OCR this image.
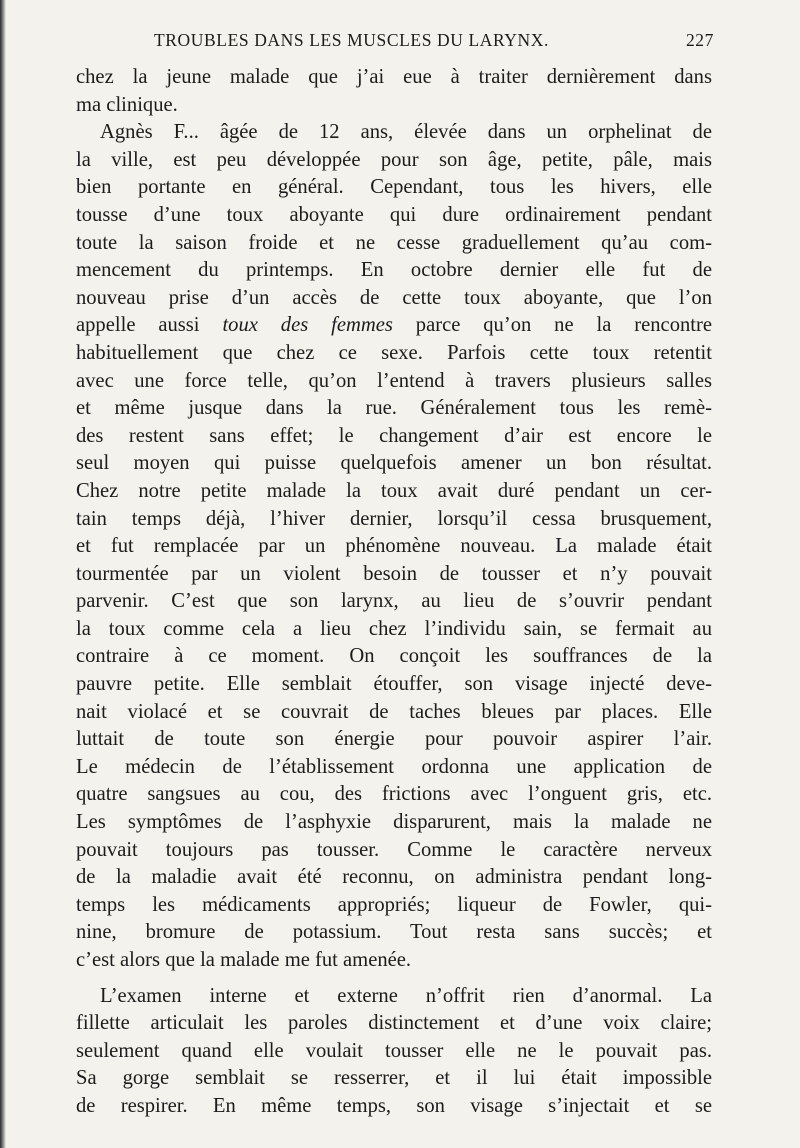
TROUBLES DANS LES MUSCLES DU LARYNX.	227
chez la jeune malade que j’ai eue à traiter dernièrement dans
ma clinique.
Agnès F... âgée de 12 ans, élevée dans un orphelinat de
la ville, est peu développée pour son âge, petite, pâle, mais
bien portante en général. Cependant, tous les hivers, elle
tousse d’une toux aboyante qui dure ordinairement pendant
toute la saison froide et ne cesse graduellement qu’au com-
mencement du printemps. En octobre dernier elle fut de
nouveau prise d’un accès de cette toux aboyante, que l’on
appelle aussi toux des femmes parce qu’on ne la rencontre
habituellement que chez ce sexe. Parfois cette toux retentit
avec une force telle, qu’on l’entend à travers plusieurs salles
et même jusque dans la rue. Généralement tous les remè-
des restent sans effet; le changement d’air est encore le
seul moyen qui puisse quelquefois amener un bon résultat.
Chez notre petite malade la toux avait duré pendant un cer-
tain temps déjà, l’hiver dernier, lorsqu’il cessa brusquement,
et fut remplacée par un phénomène nouveau. La malade était
tourmentée par un violent besoin de tousser et n’y pouvait
parvenir. C’est que son larynx, au lieu de s’ouvrir pendant
la toux comme cela a lieu chez l’individu sain, se fermait au
contraire à ce moment. On conçoit les souffrances de la
pauvre petite. Elle semblait étouffer, son visage injecté deve-
nait violacé et se couvrait de taches bleues par places. Elle
luttait de toute son énergie pour pouvoir aspirer l’air.
Le médecin de l’établissement ordonna une application de
quatre sangsues au cou, des frictions avec l’onguent gris, etc.
Les symptômes de l’asphyxie disparurent, mais la malade ne
pouvait toujours pas tousser. Comme le caractère nerveux
de la maladie avait été reconnu, on administra pendant long-
temps les médicaments appropriés; liqueur de Fowler, qui-
nine, bromure de potassium. Tout resta sans succès; et
c’est alors que la malade me fut amenée.
L’examen interne et externe n’offrit rien d’anormal. La
fillette articulait les paroles distinctement et d’une voix claire;
seulement quand elle voulait tousser elle ne le pouvait pas.
Sa gorge semblait se resserrer, et il lui était impossible
de respirer. En même temps, son visage s’injectait et se
